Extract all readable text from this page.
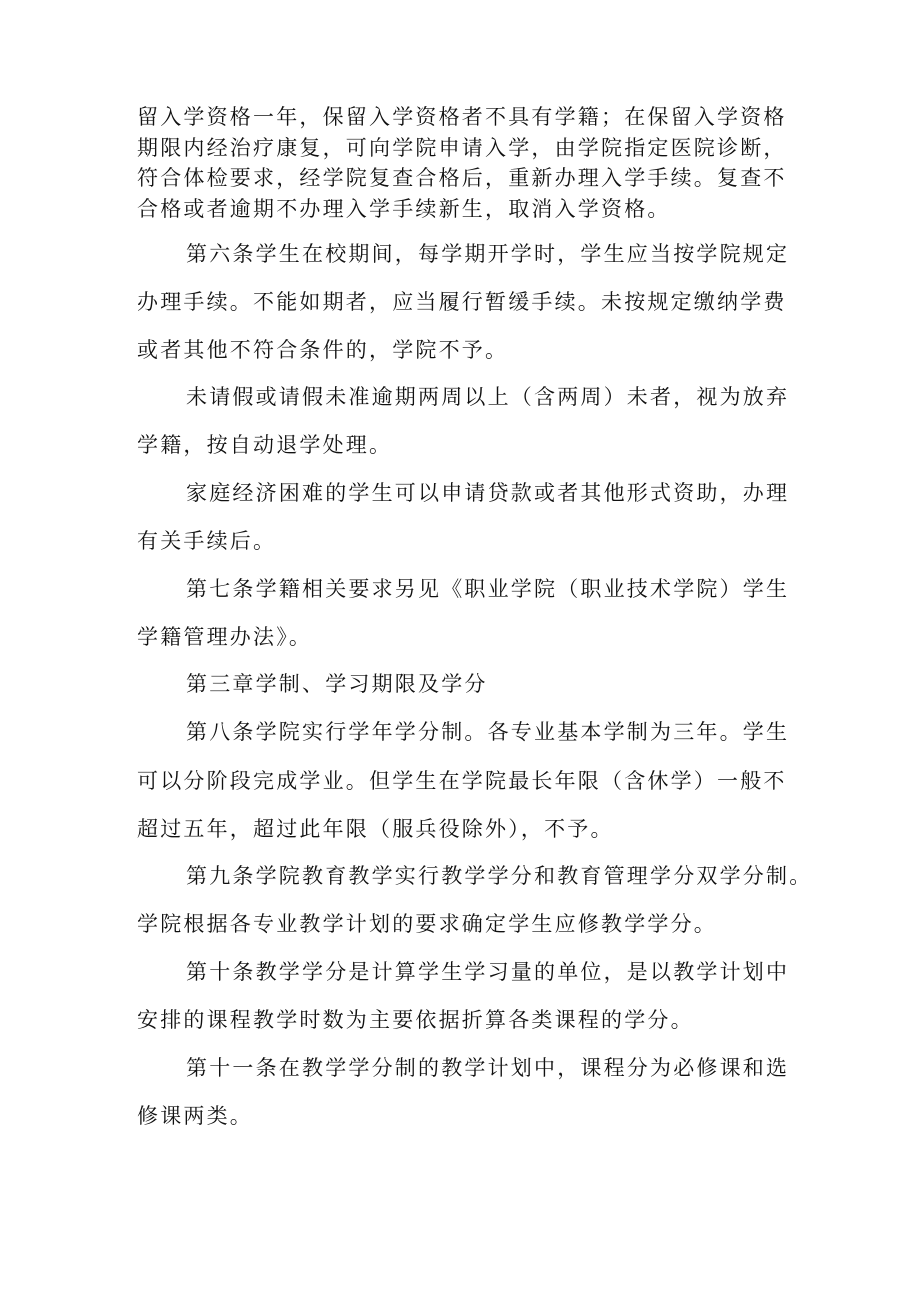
留入学资格一年，保留入学资格者不具有学籍；在保留入学资格
期限内经治疗康复，可向学院申请入学，由学院指定医院诊断，
符合体检要求，经学院复查合格后，重新办理入学手续。复查不
合格或者逾期不办理入学手续新生，取消入学资格。
第六条学生在校期间，每学期开学时，学生应当按学院规定
办理手续。不能如期者，应当履行暂缓手续。未按规定缴纳学费
或者其他不符合条件的，学院不予。
未请假或请假未准逾期两周以上（含两周）未者，视为放弃
学籍，按自动退学处理。
家庭经济困难的学生可以申请贷款或者其他形式资助，办理
有关手续后。
第七条学籍相关要求另见《职业学院（职业技术学院）学生
学籍管理办法》。
第三章学制、学习期限及学分
第八条学院实行学年学分制。各专业基本学制为三年。学生
可以分阶段完成学业。但学生在学院最长年限（含休学）一般不
超过五年，超过此年限（服兵役除外），不予。
第九条学院教育教学实行教学学分和教育管理学分双学分制。
学院根据各专业教学计划的要求确定学生应修教学学分。
第十条教学学分是计算学生学习量的单位，是以教学计划中
安排的课程教学时数为主要依据折算各类课程的学分。
第十一条在教学学分制的教学计划中，课程分为必修课和选
修课两类。
